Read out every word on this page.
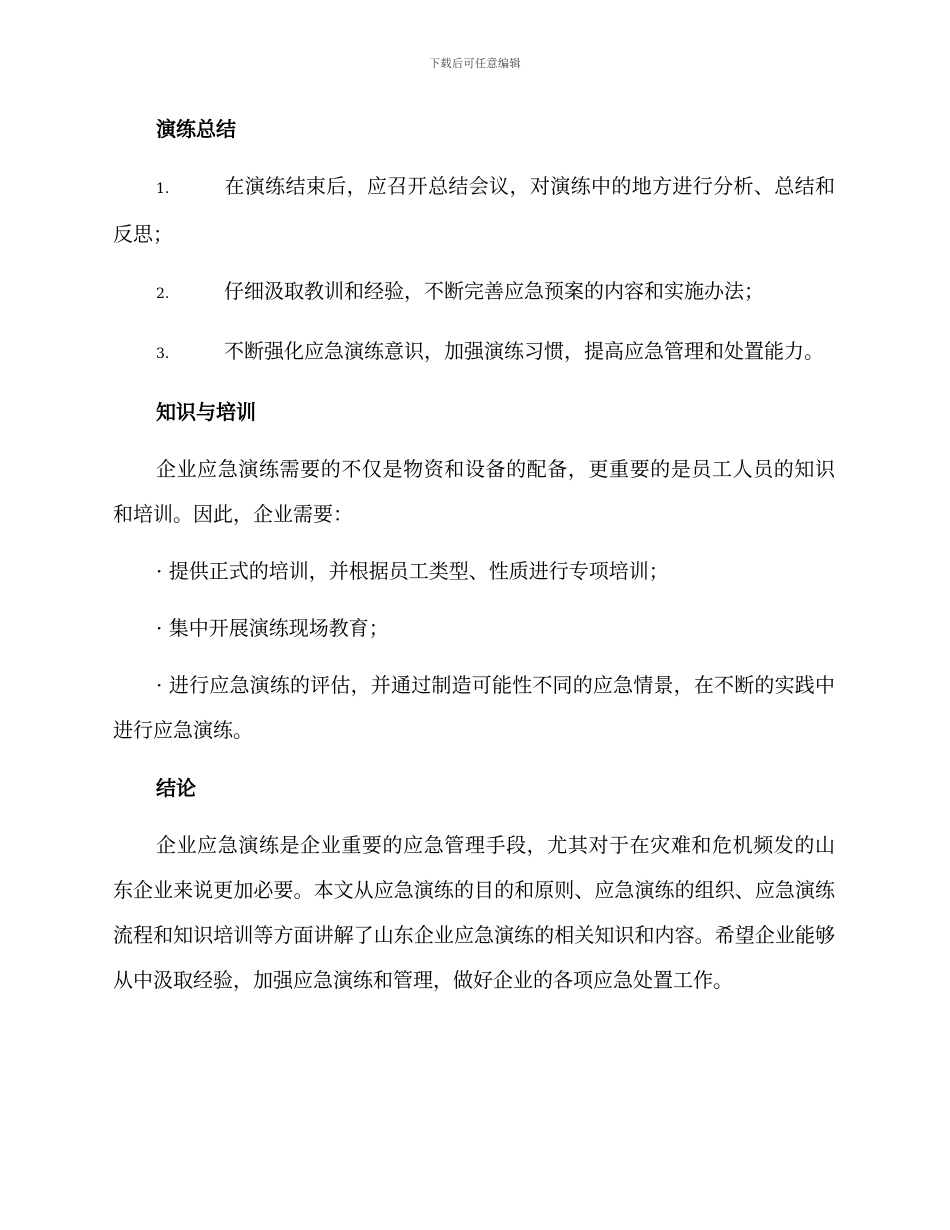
下载后可任意编辑
演练总结
1.	在演练结束后，应召开总结会议，对演练中的地方进行分析、总结和反思；
2.	仔细汲取教训和经验，不断完善应急预案的内容和实施办法；
3.	不断强化应急演练意识，加强演练习惯，提高应急管理和处置能力。
知识与培训

企业应急演练需要的不仅是物资和设备的配备，更重要的是员工人员的知识和培训。因此，企业需要：

· 提供正式的培训，并根据员工类型、性质进行专项培训；

· 集中开展演练现场教育；

· 进行应急演练的评估，并通过制造可能性不同的应急情景，在不断的实践中进行应急演练。

结论

企业应急演练是企业重要的应急管理手段，尤其对于在灾难和危机频发的山东企业来说更加必要。本文从应急演练的目的和原则、应急演练的组织、应急演练流程和知识培训等方面讲解了山东企业应急演练的相关知识和内容。希望企业能够从中汲取经验，加强应急演练和管理，做好企业的各项应急处置工作。
